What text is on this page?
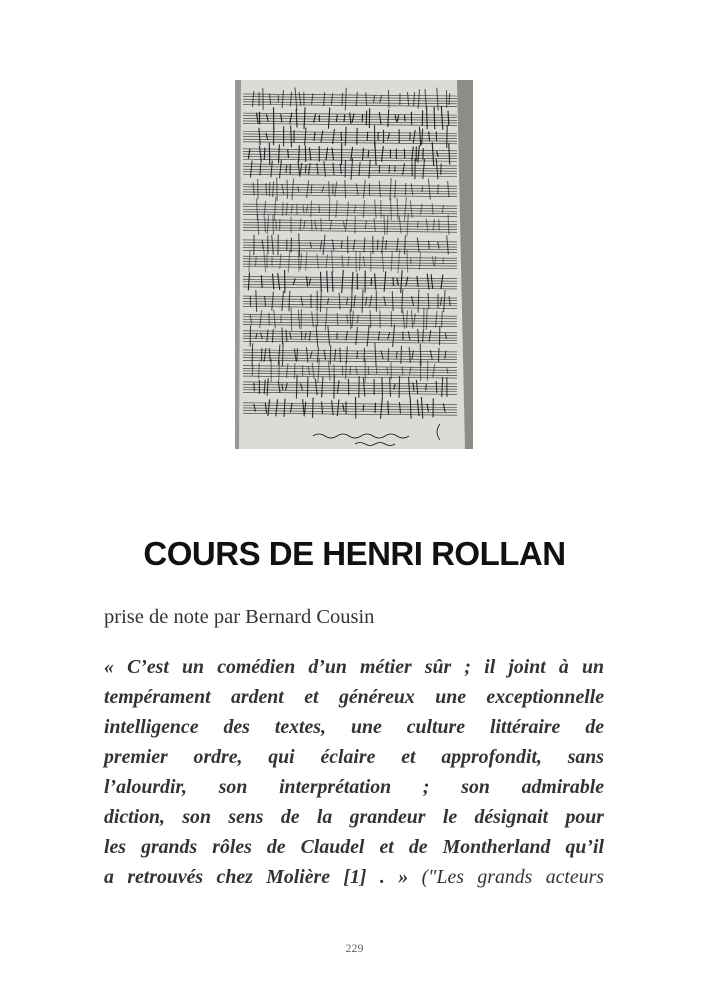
COURS DE HENRI ROLLAN
prise de note par Bernard Cousin
« C’est un comédien d’un métier sûr ; il joint à un
tempérament ardent et généreux une exceptionnelle
intelligence des textes, une culture littéraire de
premier ordre, qui éclaire et approfondit, sans
l’alourdir, son interprétation ; son admirable
diction, son sens de la grandeur le désignait pour
les grands rôles de Claudel et de Montherland qu’il
a retrouvés chez Molière [1] . » ("Les grands acteurs
229
